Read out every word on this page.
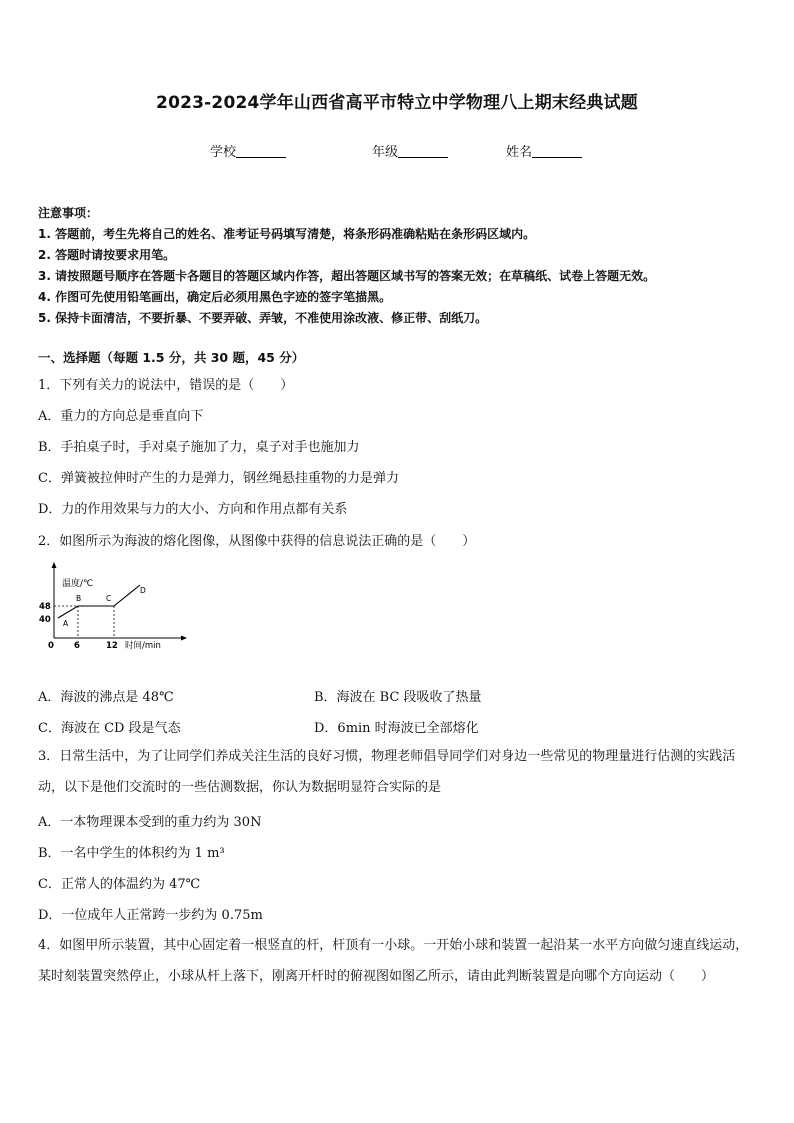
2023-2024学年山西省高平市特立中学物理八上期末经典试题
学校	年级	姓名
注意事项：
1. 答题前，考生先将自己的姓名、准考证号码填写清楚，将条形码准确粘贴在条形码区域内。
2. 答题时请按要求用笔。
3. 请按照题号顺序在答题卡各题目的答题区域内作答，超出答题区域书写的答案无效；在草稿纸、试卷上答题无效。
4. 作图可先使用铅笔画出，确定后必须用黑色字迹的签字笔描黑。
5. 保持卡面清洁，不要折暴、不要弄破、弄皱，不准使用涂改液、修正带、刮纸刀。
一、选择题（每题 1.5 分，共 30 题，45 分）
1．下列有关力的说法中，错误的是（　　）
A．重力的方向总是垂直向下
B．手拍桌子时，手对桌子施加了力，桌子对手也施加力
C．弹簧被拉伸时产生的力是弹力，钢丝绳悬挂重物的力是弹力
D．力的作用效果与力的大小、方向和作用点都有关系
2．如图所示为海波的熔化图像，从图像中获得的信息说法正确的是（　　）
温度/℃
48
40
0 6	12 时间/min
A
B	C
D
A．海波的沸点是 48℃	B．海波在 BC 段吸收了热量
C．海波在 CD 段是气态	D．6min 时海波已全部熔化
3．日常生活中，为了让同学们养成关注生活的良好习惯，物理老师倡导同学们对身边一些常见的物理量进行估测的实践活动，以下是他们交流时的一些估测数据，你认为数据明显符合实际的是
A．一本物理课本受到的重力约为 30N
B．一名中学生的体积约为 1 m³
C．正常人的体温约为 47℃
D．一位成年人正常跨一步约为 0.75m
4．如图甲所示装置，其中心固定着一根竖直的杆，杆顶有一小球。一开始小球和装置一起沿某一水平方向做匀速直线运动，某时刻装置突然停止，小球从杆上落下，刚离开杆时的俯视图如图乙所示，请由此判断装置是向哪个方向运动（　　）
